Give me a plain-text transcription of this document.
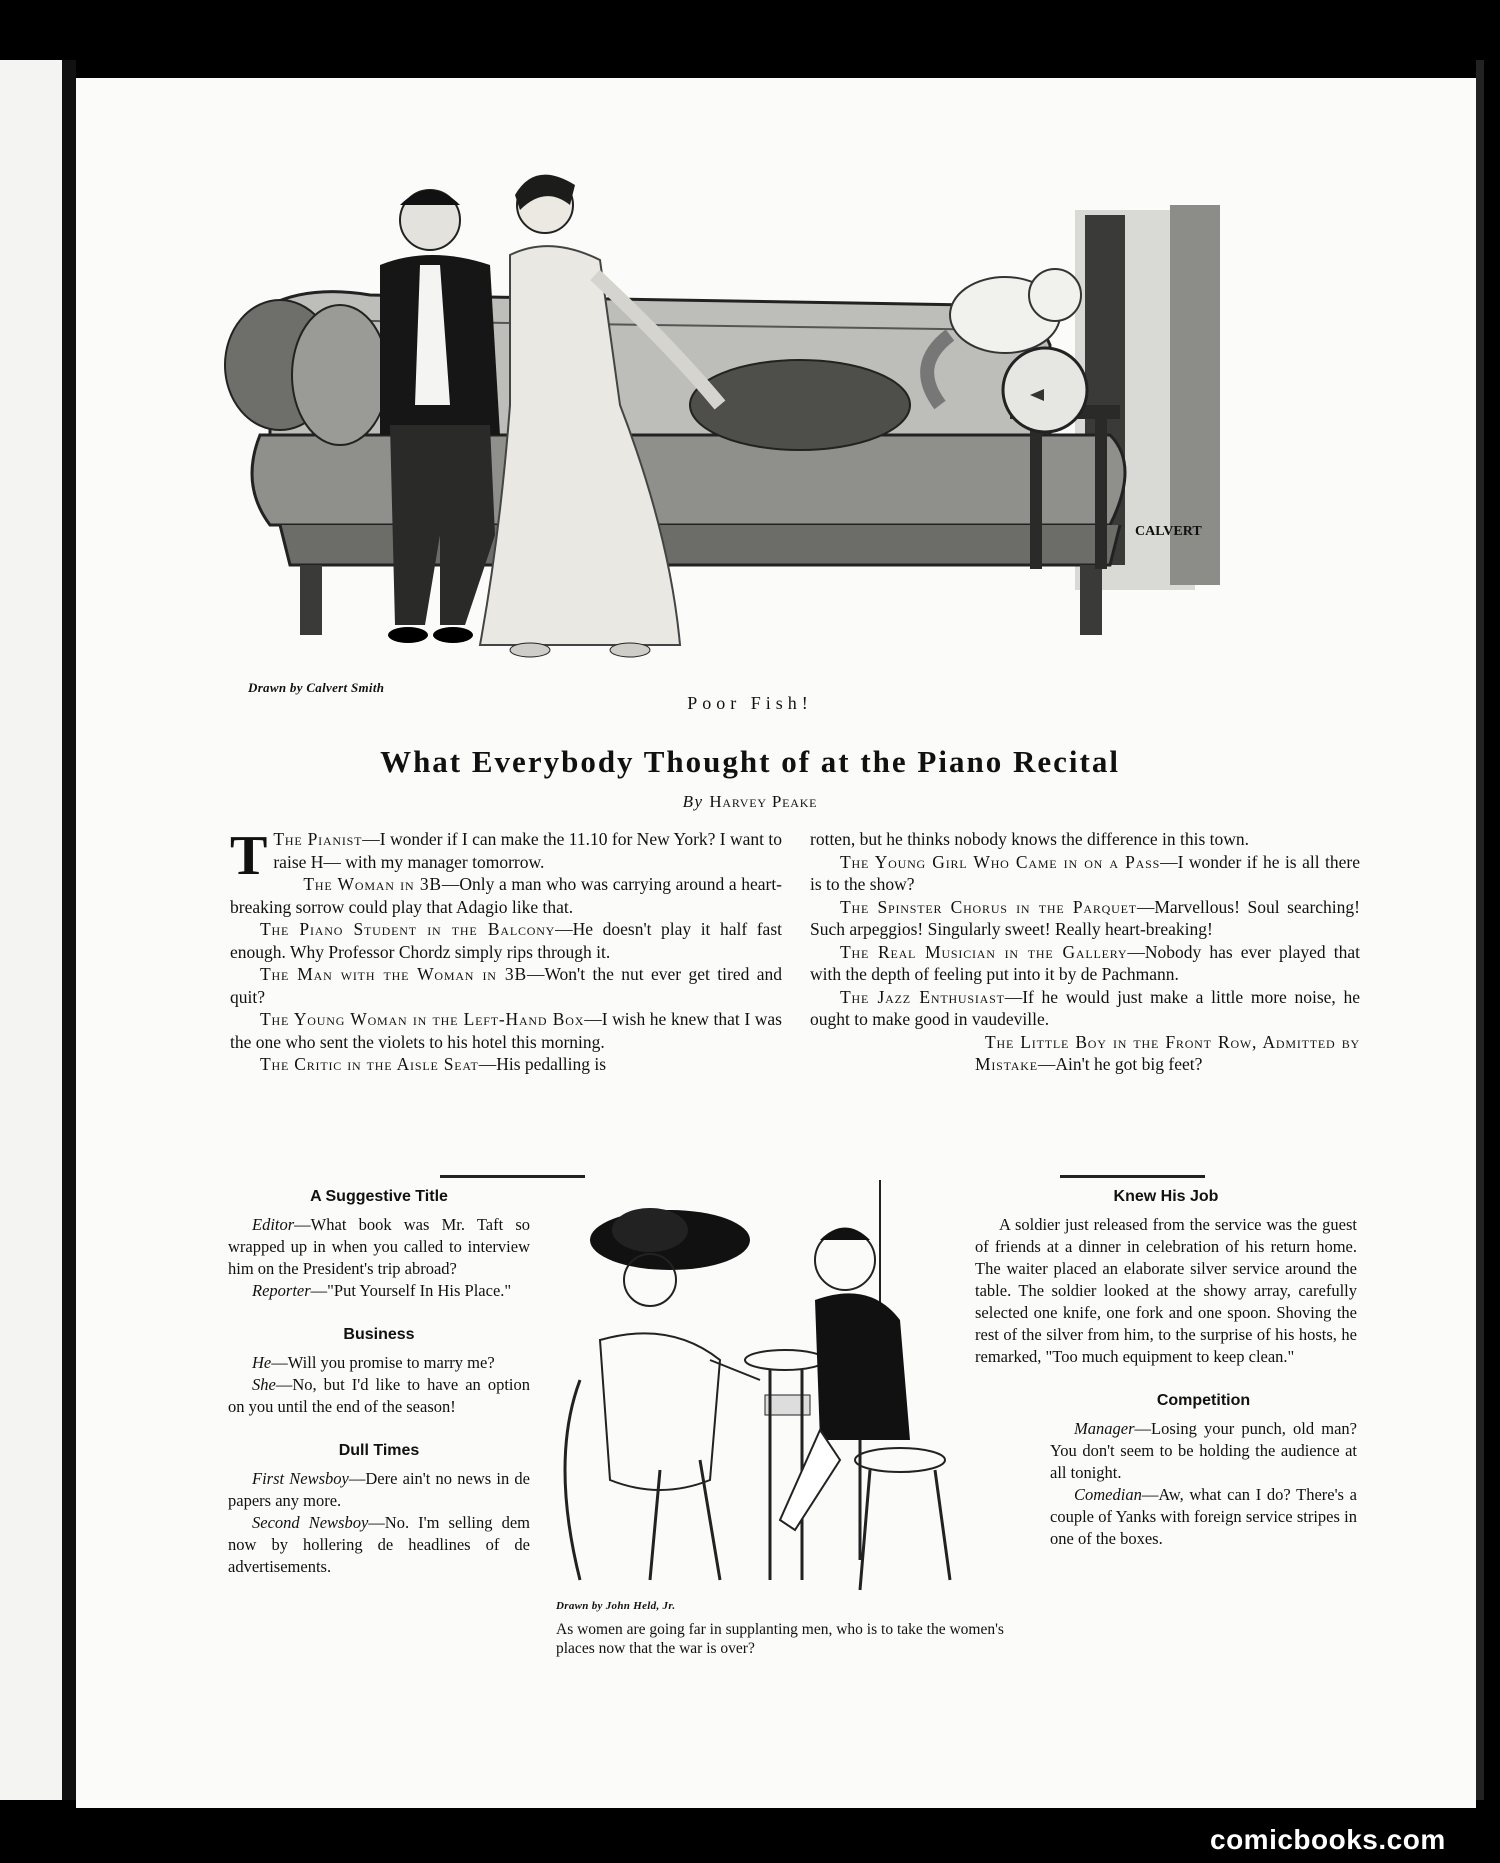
CALVERT
Drawn by Calvert Smith
Poor Fish!
What Everybody Thought of at the Piano Recital
By Harvey Peake

T The Pianist—I wonder if I can make the 11.10 for New York? I want to raise H— with my manager tomorrow.

The Woman in 3B—Only a man who was carrying around a heart-breaking sorrow could play that Adagio like that.

The Piano Student in the Balcony—He doesn't play it half fast enough. Why Professor Chordz simply rips through it.

The Man with the Woman in 3B—Won't the nut ever get tired and quit?

The Young Woman in the Left-Hand Box—I wish he knew that I was the one who sent the violets to his hotel this morning.

The Critic in the Aisle Seat—His pedalling is

rotten, but he thinks nobody knows the difference in this town.

The Young Girl Who Came in on a Pass—I wonder if he is all there is to the show?

The Spinster Chorus in the Parquet—Marvellous! Soul searching! Such arpeggios! Singularly sweet! Really heart-breaking!

The Real Musician in the Gallery—Nobody has ever played that with the depth of feeling put into it by de Pachmann.

The Jazz Enthusiast—If he would just make a little more noise, he ought to make good in vaudeville.

The Little Boy in the Front Row, Admitted by Mistake—Ain't he got big feet?

A Suggestive Title

Editor—What book was Mr. Taft so wrapped up in when you called to interview him on the President's trip abroad?

Reporter—"Put Yourself In His Place."

Business

He—Will you promise to marry me?

She—No, but I'd like to have an option on you until the end of the season!

Dull Times

First Newsboy—Dere ain't no news in de papers any more.

Second Newsboy—No. I'm selling dem now by hollering de headlines of de advertisements.

Drawn by John Held, Jr.
As women are going far in supplanting men, who is to take the women's places now that the war is over?
Knew His Job

A soldier just released from the service was the guest of friends at a dinner in celebration of his return home. The waiter placed an elaborate silver service around the table. The soldier looked at the showy array, carefully selected one knife, one fork and one spoon. Shoving the rest of the silver from him, to the surprise of his hosts, he remarked, "Too much equipment to keep clean."

Competition

Manager—Losing your punch, old man? You don't seem to be holding the audience at all tonight.

Comedian—Aw, what can I do? There's a couple of Yanks with foreign service stripes in one of the boxes.

comicbooks.com
